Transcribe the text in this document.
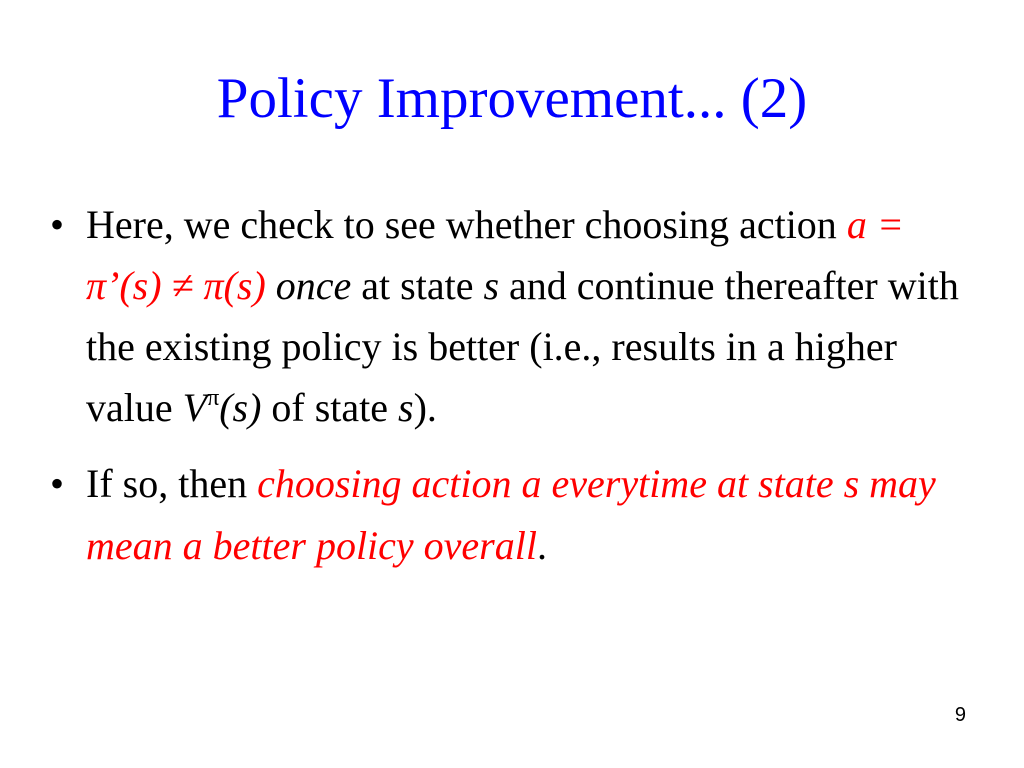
Policy Improvement... (2)
• Here, we check to see whether choosing action a = π’(s) ≠ π(s) once at state s and continue thereafter with the existing policy is better (i.e., results in a higher value $V^\pi(s)$ of state s).
• If so, then choosing action a everytime at state s may mean a better policy overall.
9
